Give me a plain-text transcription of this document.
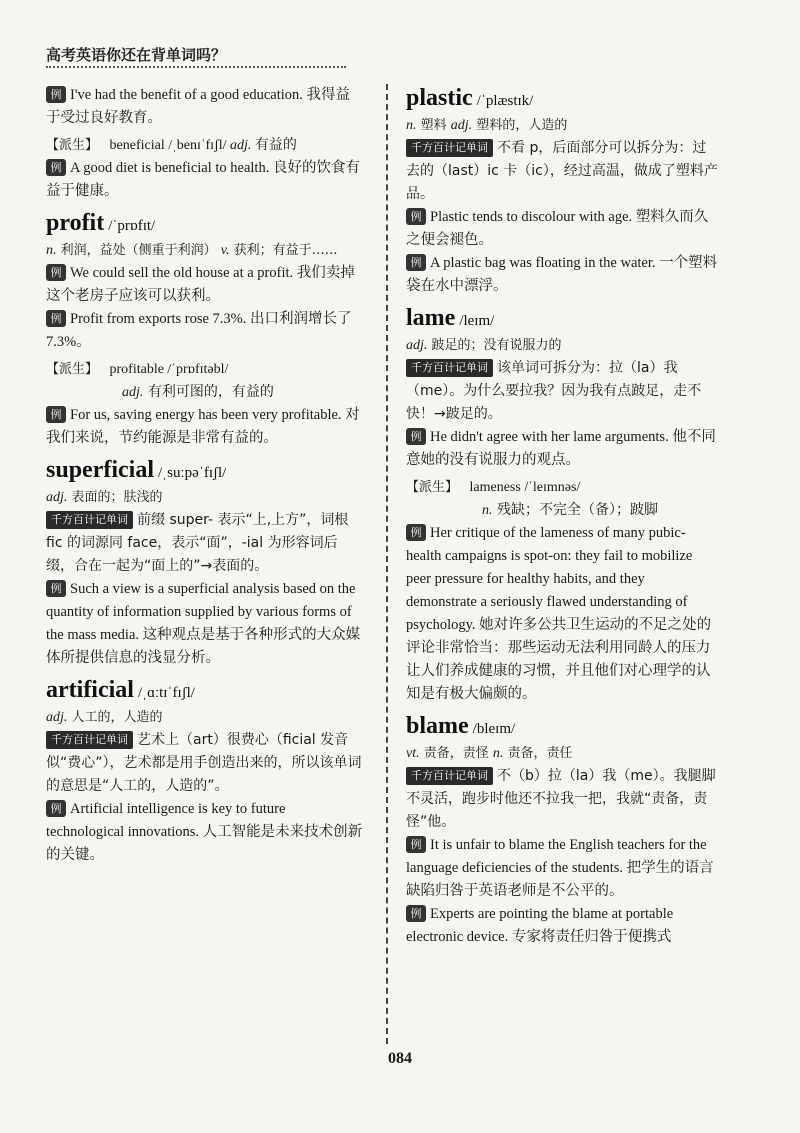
高考英语你还在背单词吗？
例 I've had the benefit of a good education. 我得益于受过良好教育。
【派生】 beneficial /ˌbenɪˈfɪʃl/ adj. 有益的
例 A good diet is beneficial to health. 良好的饮食有益于健康。
profit /ˈprɒfɪt/
n. 利润，益处（侧重于利润） v. 获利；有益于……
例 We could sell the old house at a profit. 我们卖掉这个老房子应该可以获利。
例 Profit from exports rose 7.3%. 出口利润增长了 7.3%。
【派生】 profitable /ˈprɒfɪtəbl/
adj. 有利可图的，有益的
例 For us, saving energy has been very profitable. 对我们来说，节约能源是非常有益的。
superficial /ˌsuːpəˈfɪʃl/
adj. 表面的；肤浅的
千方百计记单词 前缀 super- 表示“上,上方”，词根 fic 的词源同 face，表示“面”，-ial 为形容词后缀，合在一起为“面上的”→表面的。
例 Such a view is a superficial analysis based on the quantity of information supplied by various forms of the mass media. 这种观点是基于各种形式的大众媒体所提供信息的浅显分析。
artificial /ˌɑːtɪˈfɪʃl/
adj. 人工的，人造的
千方百计记单词 艺术上（art）很费心（ficial 发音似“费心”），艺术都是用手创造出来的，所以该单词的意思是“人工的，人造的”。
例 Artificial intelligence is key to future technological innovations. 人工智能是未来技术创新的关键。
plastic /ˈplæstɪk/
n. 塑料 adj. 塑料的，人造的
千方百计记单词 不看 p，后面部分可以拆分为：过去的（last）ic 卡（ic），经过高温，做成了塑料产品。
例 Plastic tends to discolour with age. 塑料久而久之便会褪色。
例 A plastic bag was floating in the water. 一个塑料袋在水中漂浮。
lame /leɪm/
adj. 跛足的；没有说服力的
千方百计记单词 该单词可拆分为：拉（la）我（me）。为什么要拉我？因为我有点跛足，走不快！→跛足的。
例 He didn't agree with her lame arguments. 他不同意她的没有说服力的观点。
【派生】 lameness /ˈleɪmnəs/
n. 残缺；不完全（备）；跛脚
例 Her critique of the lameness of many pubic-health campaigns is spot-on: they fail to mobilize peer pressure for healthy habits, and they demonstrate a seriously flawed understanding of psychology. 她对许多公共卫生运动的不足之处的评论非常恰当：那些运动无法利用同龄人的压力让人们养成健康的习惯，并且他们对心理学的认知是有极大偏颇的。
blame /bleɪm/
vt. 责备，责怪 n. 责备，责任
千方百计记单词 不（b）拉（la）我（me）。我腿脚不灵活，跑步时他还不拉我一把，我就“责备，责怪”他。
例 It is unfair to blame the English teachers for the language deficiencies of the students. 把学生的语言缺陷归咎于英语老师是不公平的。
例 Experts are pointing the blame at portable electronic device. 专家将责任归咎于便携式
084
